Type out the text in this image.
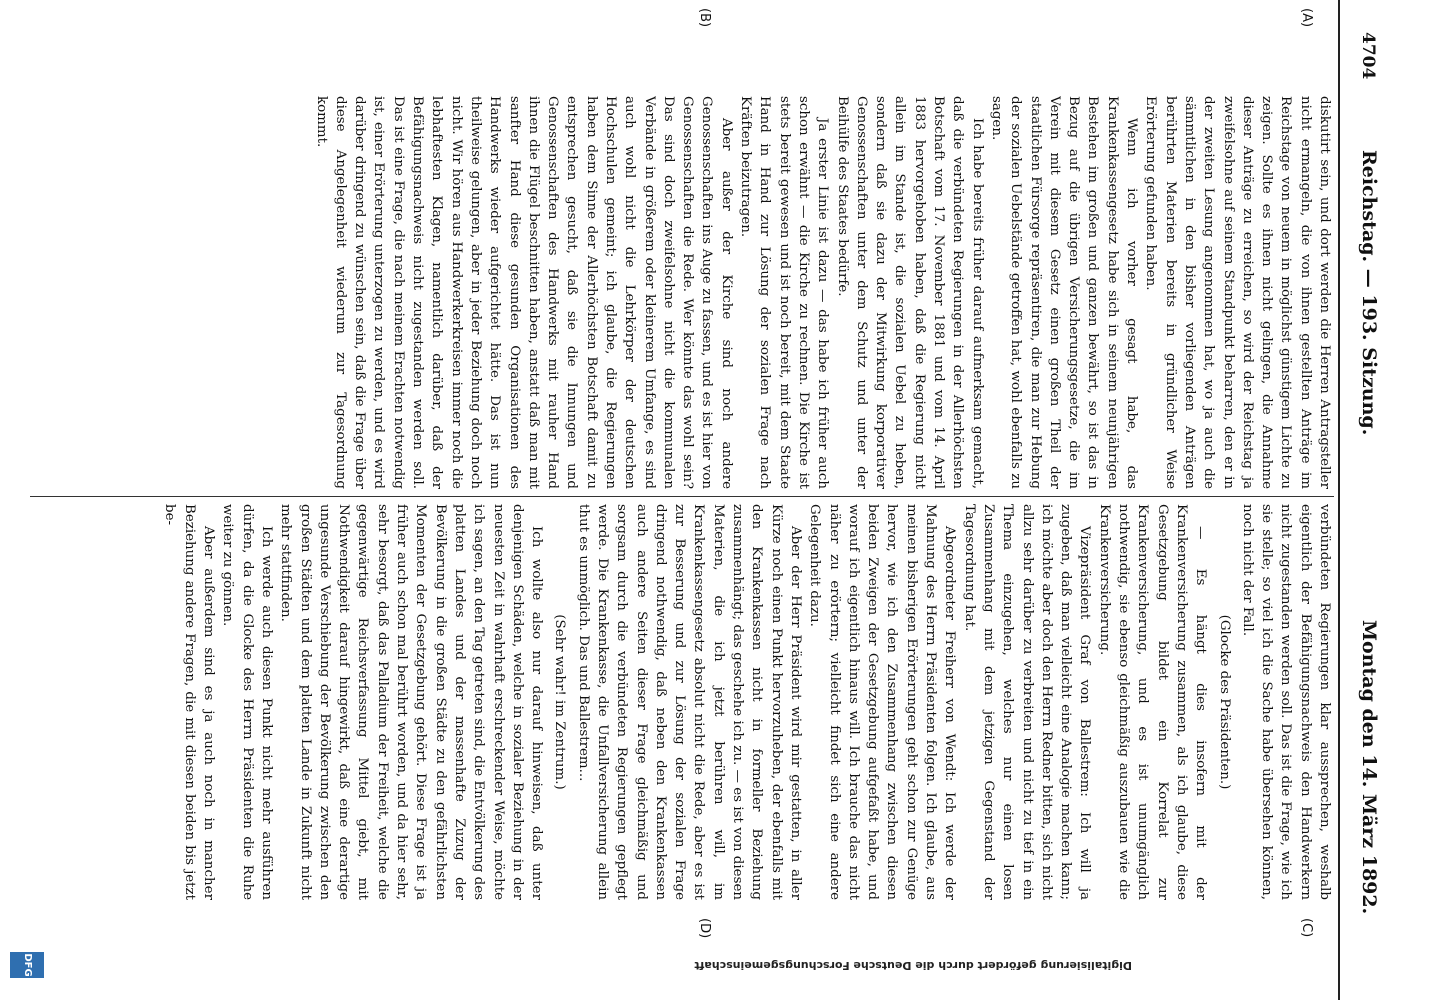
4704
Reichstag. — 193. Sitzung.
Montag den 14. März 1892.
(A)
(B)
(C)
(D)

diskutirt sein, und dort werden die Herren Antragsteller nicht ermangeln, die von ihnen gestellten Anträge im Reichstage von neuem in möglichst günstigem Lichte zu zeigen. Sollte es ihnen nicht gelingen, die Annahme dieser Anträge zu erreichen, so wird der Reichstag ja zweifelsohne auf seinem Standpunkt beharren, den er in der zweiten Lesung angenommen hat, wo ja auch die sämmtlichen in den bisher vorliegenden Anträgen berührten Materien bereits in gründlicher Weise Erörterung gefunden haben.

Wenn ich vorher gesagt habe, das Krankenkassengesetz habe sich in seinem neunjährigen Bestehen im großen und ganzen bewährt, so ist das in Bezug auf die übrigen Versicherungsgesetze, die im Verein mit diesem Gesetz einen großen Theil der staatlichen Fürsorge repräsentiren, die man zur Hebung der sozialen Uebelstände getroffen hat, wohl ebenfalls zu sagen.

Ich habe bereits früher darauf aufmerksam gemacht, daß die verbündeten Regierungen in der Allerhöchsten Botschaft vom 17. November 1881 und vom 14. April 1883 hervorgehoben haben, daß die Regierung nicht allein im Stande ist, die sozialen Uebel zu heben, sondern daß sie dazu der Mitwirkung korporativer Genossenschaften unter dem Schutz und unter der Beihülfe des Staates bedürfe.

Ja erster Linie ist dazu — das habe ich früher auch schon erwähnt — die Kirche zu rechnen. Die Kirche ist stets bereit gewesen und ist noch bereit, mit dem Staate Hand in Hand zur Lösung der sozialen Frage nach Kräften beizutragen.

Aber außer der Kirche sind noch andere Genossenschaften ins Auge zu fassen, und es ist hier von Genossenschaften die Rede. Wer könnte das wohl sein? Das sind doch zweifelsohne nicht die kommunalen Verbände in größerem oder kleinerem Umfange, es sind auch wohl nicht die Lehrkörper der deutschen Hochschulen gemeint; ich glaube, die Regierungen haben dem Sinne der Allerhöchsten Botschaft damit zu entsprechen gesucht, daß sie die Innungen und Genossenschaften des Handwerks mit rauher Hand ihnen die Flügel beschnitten haben, anstatt daß man mit sanfter Hand diese gesunden Organisationen des Handwerks wieder aufgerichtet hätte. Das ist nun theilweise gelungen, aber in jeder Beziehung doch noch nicht. Wir hören aus Handwerkerkreisen immer noch die lebhaftesten Klagen, namentlich darüber, daß der Befähigungsnachweis nicht zugestanden werden soll. Das ist eine Frage, die nach meinem Erachten notwendig ist, einer Erörterung unterzogen zu werden, und es wird darüber dringend zu wünschen sein, daß die Frage über diese Angelegenheit wiederum zur Tagesordnung kommt.

verbündeten Regierungen klar aussprechen, weshalb eigentlich der Befähigungsnachweis den Handwerkern nicht zugestanden werden soll. Das ist die Frage, wie ich sie stelle; so viel ich die Sache habe übersehen können, noch nicht der Fall.

(Glocke des Präsidenten.)

— Es hängt dies insofern mit der Krankenversicherung zusammen, als ich glaube, diese Gesetzgebung bildet ein Korrelat zur Krankenversicherung, und es ist unumgänglich nothwendig, sie ebenso gleichmäßig auszubauen wie die Krankenversicherung.

Vizepräsident Graf von Ballestrem: Ich will ja zugeben, daß man vielleicht eine Analogie machen kann; ich möchte aber doch den Herrn Redner bitten, sich nicht allzu sehr darüber zu verbreiten und nicht zu tief in ein Thema einzugehen, welches nur einen losen Zusammenhang mit dem jetzigen Gegenstand der Tagesordnung hat.

Abgeordneter Freiherr von Wendt: Ich werde der Mahnung des Herrn Präsidenten folgen. Ich glaube, aus meinen bisherigen Erörterungen geht schon zur Genüge hervor, wie ich den Zusammenhang zwischen diesen beiden Zweigen der Gesetzgebung aufgefaßt habe, und worauf ich eigentlich hinaus will. Ich brauche das nicht näher zu erörtern; vielleicht findet sich eine andere Gelegenheit dazu.

Aber der Herr Präsident wird mir gestatten, in aller Kürze noch einen Punkt hervorzuheben, der ebenfalls mit den Krankenkassen nicht in formeller Beziehung zusammenhängt; das geschehe ich zu. — es ist von diesen Materien, die ich jetzt berühren will, im Krankenkassengesetz absolut nicht die Rede, aber es ist zur Besserung und zur Lösung der sozialen Frage dringend nothwendig, daß neben den Krankenkassen auch andere Seiten dieser Frage gleichmäßig und sorgsam durch die verbündeten Regierungen gepflegt werde. Die Krankenkasse, die Unfallversicherung allein thut es unmöglich. Das und Ballestrem...

(Sehr wahr! im Zentrum.)

Ich wollte also nur darauf hinweisen, daß unter denjenigen Schäden, welche in sozialer Beziehung in der neuesten Zeit in wahrhaft erschreckender Weise, möchte ich sagen, an den Tag getreten sind, die Entvölkerung des platten Landes und der massenhafte Zuzug der Bevölkerung in die großen Städte zu den gefährlichsten Momenten der Gesetzgebung gehört. Diese Frage ist ja früher auch schon mal berührt worden, und da hier sehr, sehr besorgt, daß das Palladium der Freiheit, welche die gegenwärtige Reichsverfassung Mittel giebt, mit Nothwendigkeit darauf hingewirkt, daß eine derartige ungesunde Verschiebung der Bevölkerung zwischen den großen Städten und dem platten Lande in Zukunft nicht mehr stattfinden.

Ich werde auch diesen Punkt nicht mehr ausführen dürfen, da die Glocke des Herrn Präsidenten die Ruhe weiter zu gönnen.

Aber außerdem sind es ja auch noch in mancher Beziehung andere Fragen, die mit diesen beiden bis jetzt be-

Digitalisierung gefördert durch die Deutsche Forschungsgemeinschaft
DFG
